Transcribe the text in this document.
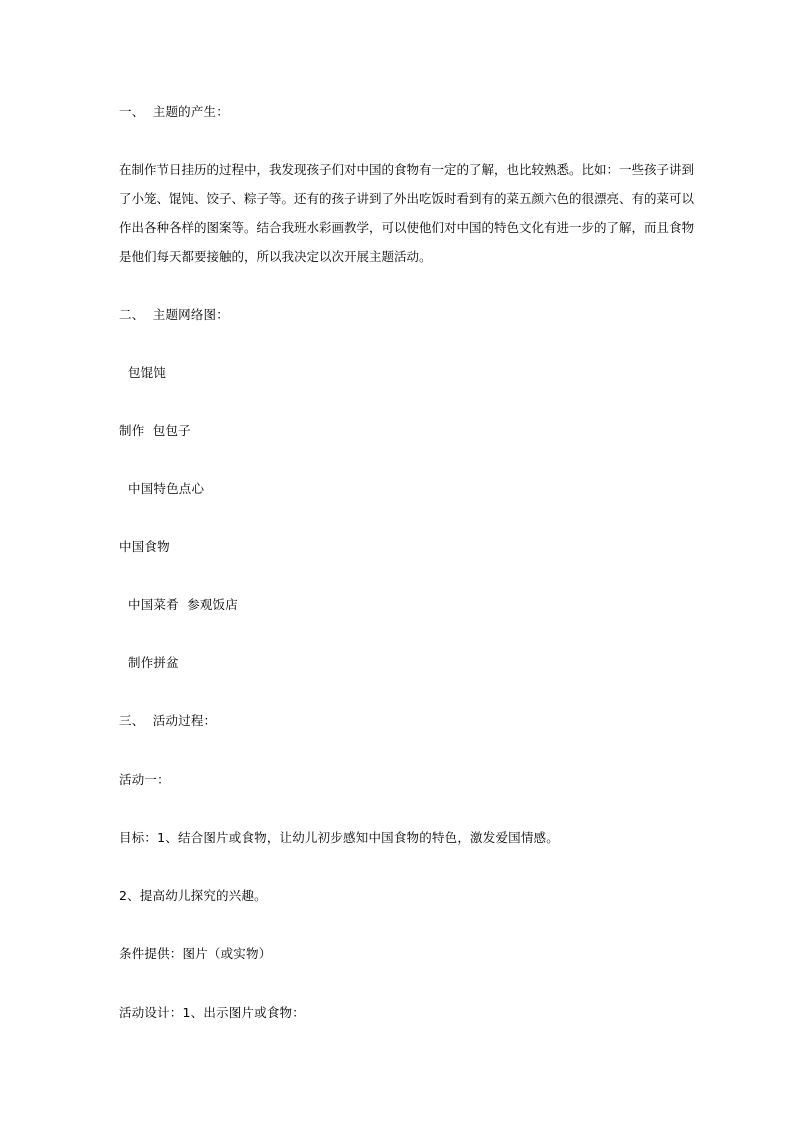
一、  主题的产生：
在制作节日挂历的过程中，我发现孩子们对中国的食物有一定的了解，也比较熟悉。比如：一些孩子讲到
了小笼、馄饨、饺子、粽子等。还有的孩子讲到了外出吃饭时看到有的菜五颜六色的很漂亮、有的菜可以
作出各种各样的图案等。结合我班水彩画教学，可以使他们对中国的特色文化有进一步的了解，而且食物
是他们每天都要接触的，所以我决定以次开展主题活动。
二、  主题网络图：
包馄饨
制作  包包子
中国特色点心
中国食物
中国菜肴  参观饭店
制作拼盆
三、  活动过程：
活动一：
目标：1、结合图片或食物，让幼儿初步感知中国食物的特色，激发爱国情感。
2、提高幼儿探究的兴趣。
条件提供：图片（或实物）
活动设计：1、出示图片或食物：
